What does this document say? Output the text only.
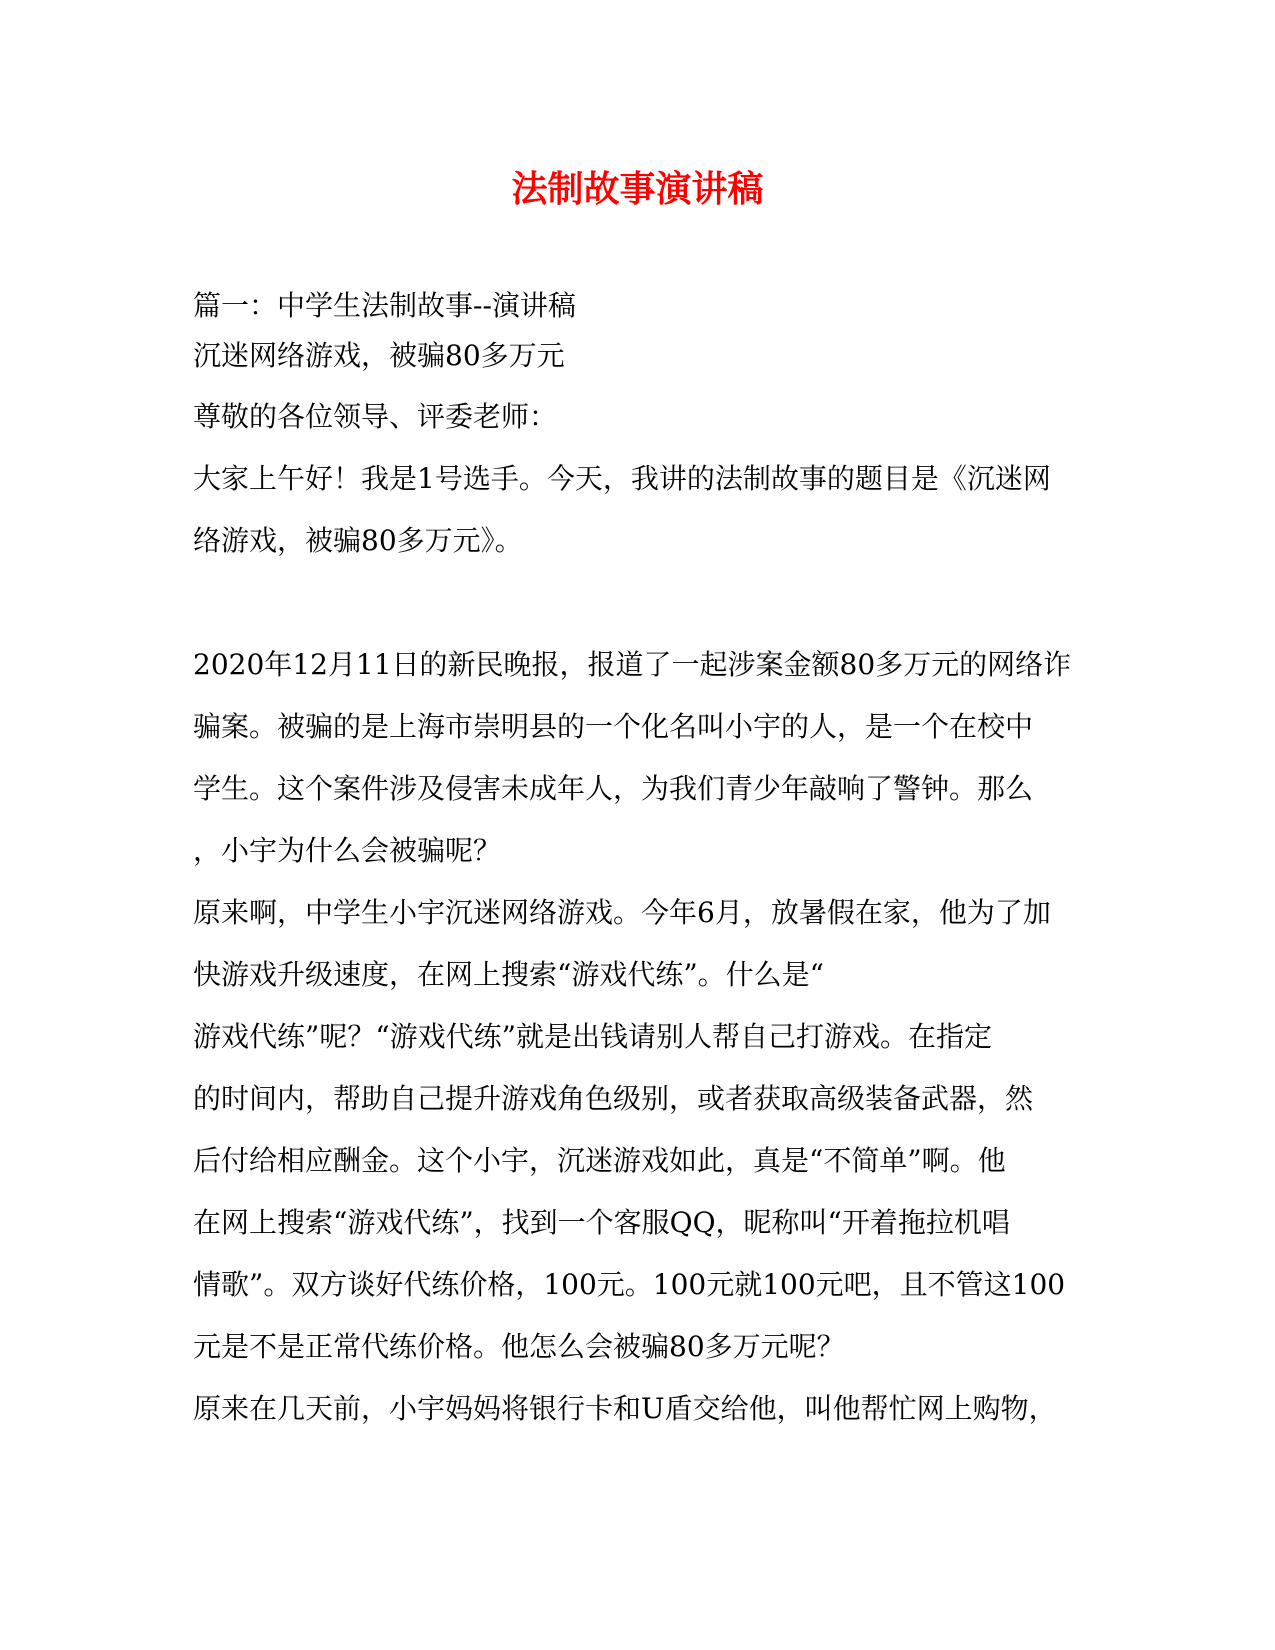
法制故事演讲稿

篇一：中学生法制故事--演讲稿

沉迷网络游戏，被骗80多万元

尊敬的各位领导、评委老师：

大家上午好！我是1号选手。今天，我讲的法制故事的题目是《沉迷网

络游戏，被骗80多万元》。

2020年12月11日的新民晚报，报道了一起涉案金额80多万元的网络诈

骗案。被骗的是上海市崇明县的一个化名叫小宇的人，是一个在校中

学生。这个案件涉及侵害未成年人，为我们青少年敲响了警钟。那么

，小宇为什么会被骗呢？

原来啊，中学生小宇沉迷网络游戏。今年6月，放暑假在家，他为了加

快游戏升级速度，在网上搜索“游戏代练”。什么是“

游戏代练”呢？“游戏代练”就是出钱请别人帮自己打游戏。在指定

的时间内，帮助自己提升游戏角色级别，或者获取高级装备武器，然

后付给相应酬金。这个小宇，沉迷游戏如此，真是“不简单”啊。他

在网上搜索“游戏代练”，找到一个客服QQ，昵称叫“开着拖拉机唱

情歌”。双方谈好代练价格，100元。100元就100元吧，且不管这100

元是不是正常代练价格。他怎么会被骗80多万元呢？

原来在几天前，小宇妈妈将银行卡和U盾交给他，叫他帮忙网上购物，
